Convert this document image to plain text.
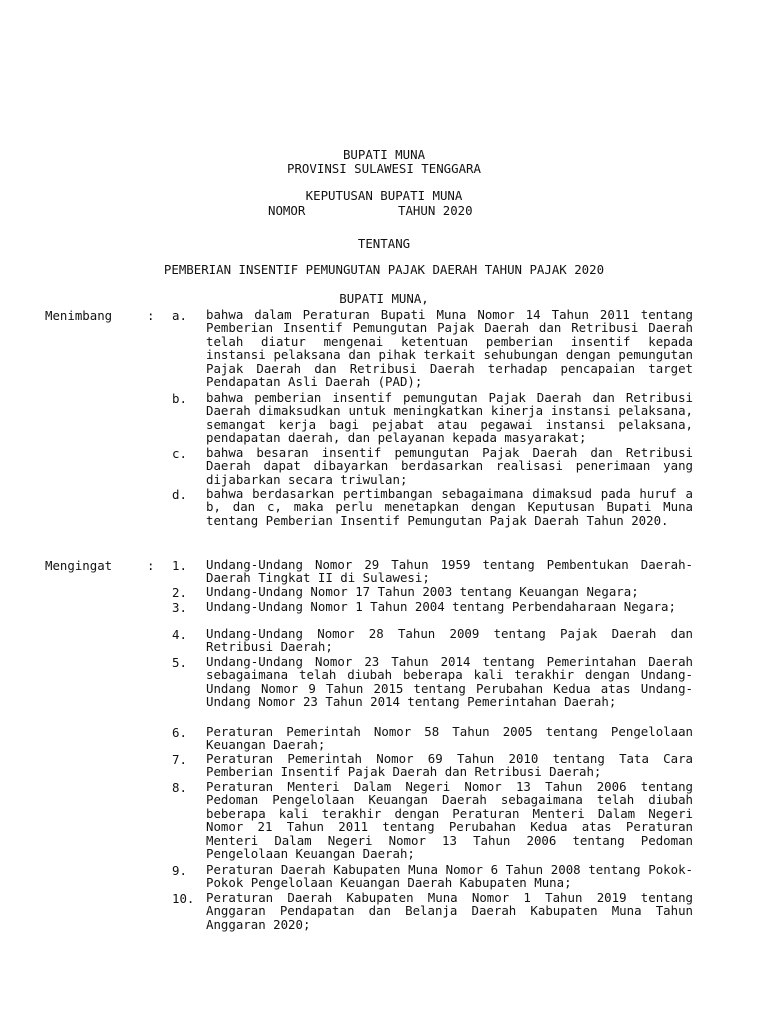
BUPATI MUNA
PROVINSI SULAWESI TENGGARA
KEPUTUSAN BUPATI MUNA
NOMOR	TAHUN 2020
TENTANG
PEMBERIAN INSENTIF PEMUNGUTAN PAJAK DAERAH TAHUN PAJAK 2020
BUPATI MUNA,
Menimbang	: a. bahwa dalam Peraturan Bupati Muna Nomor 14 Tahun 2011 tentang Pemberian Insentif Pemungutan Pajak Daerah dan Retribusi Daerah telah diatur mengenai ketentuan pemberian insentif kepada instansi pelaksana dan pihak terkait sehubungan dengan pemungutan Pajak Daerah dan Retribusi Daerah terhadap pencapaian target Pendapatan Asli Daerah (PAD);
b. bahwa pemberian insentif pemungutan Pajak Daerah dan Retribusi Daerah dimaksudkan untuk meningkatkan kinerja instansi pelaksana, semangat kerja bagi pejabat atau pegawai instansi pelaksana, pendapatan daerah, dan pelayanan kepada masyarakat;
c. bahwa besaran insentif pemungutan Pajak Daerah dan Retribusi Daerah dapat dibayarkan berdasarkan realisasi penerimaan yang dijabarkan secara triwulan;
d. bahwa berdasarkan pertimbangan sebagaimana dimaksud pada huruf a b, dan c, maka perlu menetapkan dengan Keputusan Bupati Muna tentang Pemberian Insentif Pemungutan Pajak Daerah Tahun 2020.
Mengingat	: 1. Undang-Undang Nomor 29 Tahun 1959 tentang Pembentukan Daerah-Daerah Tingkat II di Sulawesi;
2. Undang-Undang Nomor 17 Tahun 2003 tentang Keuangan Negara;
3. Undang-Undang Nomor 1 Tahun 2004 tentang Perbendaharaan Negara;
4. Undang-Undang Nomor 28 Tahun 2009 tentang Pajak Daerah dan Retribusi Daerah;
5. Undang-Undang Nomor 23 Tahun 2014 tentang Pemerintahan Daerah sebagaimana telah diubah beberapa kali terakhir dengan Undang-Undang Nomor 9 Tahun 2015 tentang Perubahan Kedua atas Undang-Undang Nomor 23 Tahun 2014 tentang Pemerintahan Daerah;
6. Peraturan Pemerintah Nomor 58 Tahun 2005 tentang Pengelolaan Keuangan Daerah;
7. Peraturan Pemerintah Nomor 69 Tahun 2010 tentang Tata Cara Pemberian Insentif Pajak Daerah dan Retribusi Daerah;
8. Peraturan Menteri Dalam Negeri Nomor 13 Tahun 2006 tentang Pedoman Pengelolaan Keuangan Daerah sebagaimana telah diubah beberapa kali terakhir dengan Peraturan Menteri Dalam Negeri Nomor 21 Tahun 2011 tentang Perubahan Kedua atas Peraturan Menteri Dalam Negeri Nomor 13 Tahun 2006 tentang Pedoman Pengelolaan Keuangan Daerah;
9. Peraturan Daerah Kabupaten Muna Nomor 6 Tahun 2008 tentang Pokok-Pokok Pengelolaan Keuangan Daerah Kabupaten Muna;
10. Peraturan Daerah Kabupaten Muna Nomor 1 Tahun 2019 tentang Anggaran Pendapatan dan Belanja Daerah Kabupaten Muna Tahun Anggaran 2020;
